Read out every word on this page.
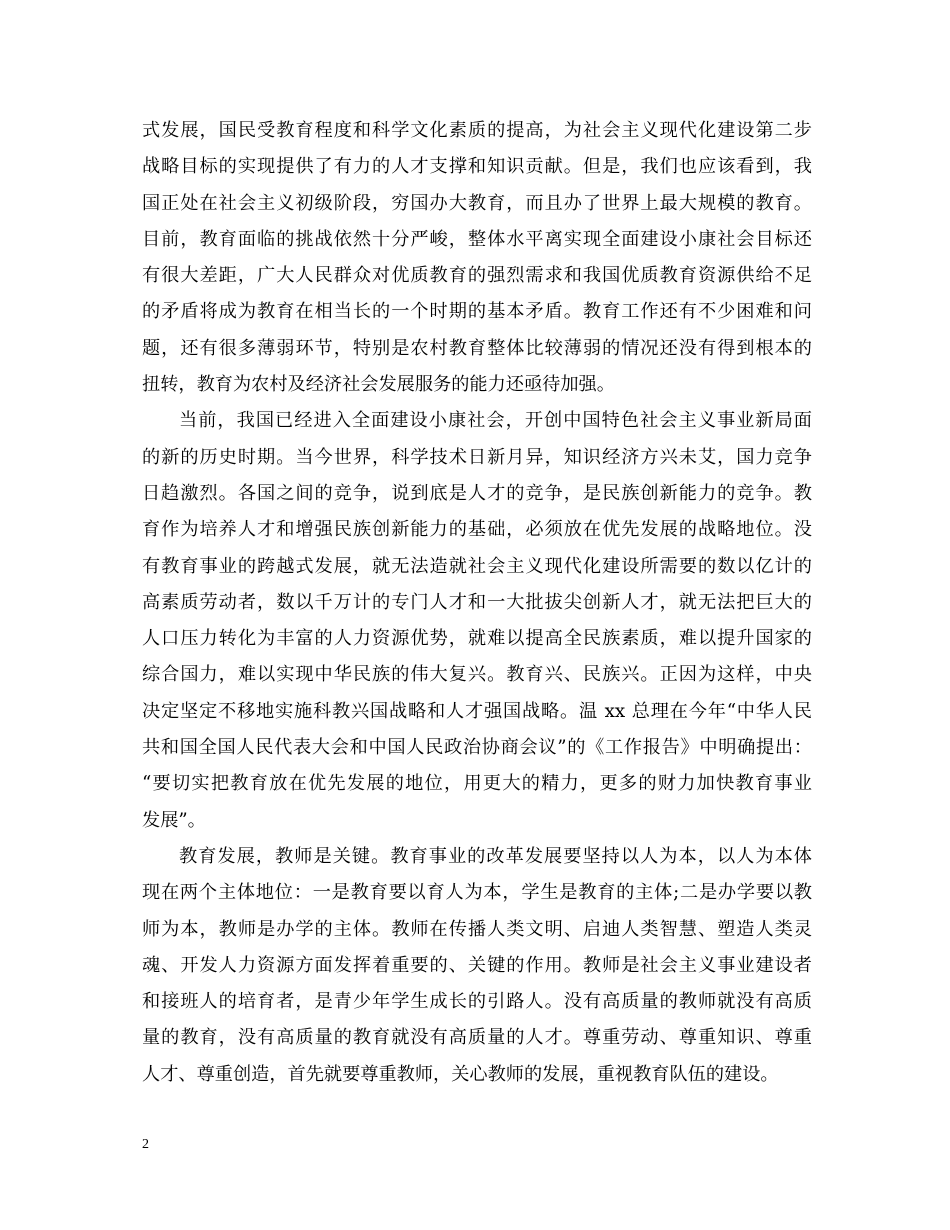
式发展，国民受教育程度和科学文化素质的提高，为社会主义现代化建设第二步
战略目标的实现提供了有力的人才支撑和知识贡献。但是，我们也应该看到，我
国正处在社会主义初级阶段，穷国办大教育，而且办了世界上最大规模的教育。
目前，教育面临的挑战依然十分严峻，整体水平离实现全面建设小康社会目标还
有很大差距，广大人民群众对优质教育的强烈需求和我国优质教育资源供给不足
的矛盾将成为教育在相当长的一个时期的基本矛盾。教育工作还有不少困难和问
题，还有很多薄弱环节，特别是农村教育整体比较薄弱的情况还没有得到根本的
扭转，教育为农村及经济社会发展服务的能力还亟待加强。
当前，我国已经进入全面建设小康社会，开创中国特色社会主义事业新局面
的新的历史时期。当今世界，科学技术日新月异，知识经济方兴未艾，国力竞争
日趋激烈。各国之间的竞争，说到底是人才的竞争，是民族创新能力的竞争。教
育作为培养人才和增强民族创新能力的基础，必须放在优先发展的战略地位。没
有教育事业的跨越式发展，就无法造就社会主义现代化建设所需要的数以亿计的
高素质劳动者，数以千万计的专门人才和一大批拔尖创新人才，就无法把巨大的
人口压力转化为丰富的人力资源优势，就难以提高全民族素质，难以提升国家的
综合国力，难以实现中华民族的伟大复兴。教育兴、民族兴。正因为这样，中央
决定坚定不移地实施科教兴国战略和人才强国战略。温 xx 总理在今年“中华人民
共和国全国人民代表大会和中国人民政治协商会议”的《工作报告》中明确提出：
“要切实把教育放在优先发展的地位，用更大的精力，更多的财力加快教育事业
发展”。
教育发展，教师是关键。教育事业的改革发展要坚持以人为本，以人为本体
现在两个主体地位：一是教育要以育人为本，学生是教育的主体;二是办学要以教
师为本，教师是办学的主体。教师在传播人类文明、启迪人类智慧、塑造人类灵
魂、开发人力资源方面发挥着重要的、关键的作用。教师是社会主义事业建设者
和接班人的培育者，是青少年学生成长的引路人。没有高质量的教师就没有高质
量的教育，没有高质量的教育就没有高质量的人才。尊重劳动、尊重知识、尊重
人才、尊重创造，首先就要尊重教师，关心教师的发展，重视教育队伍的建设。
2
